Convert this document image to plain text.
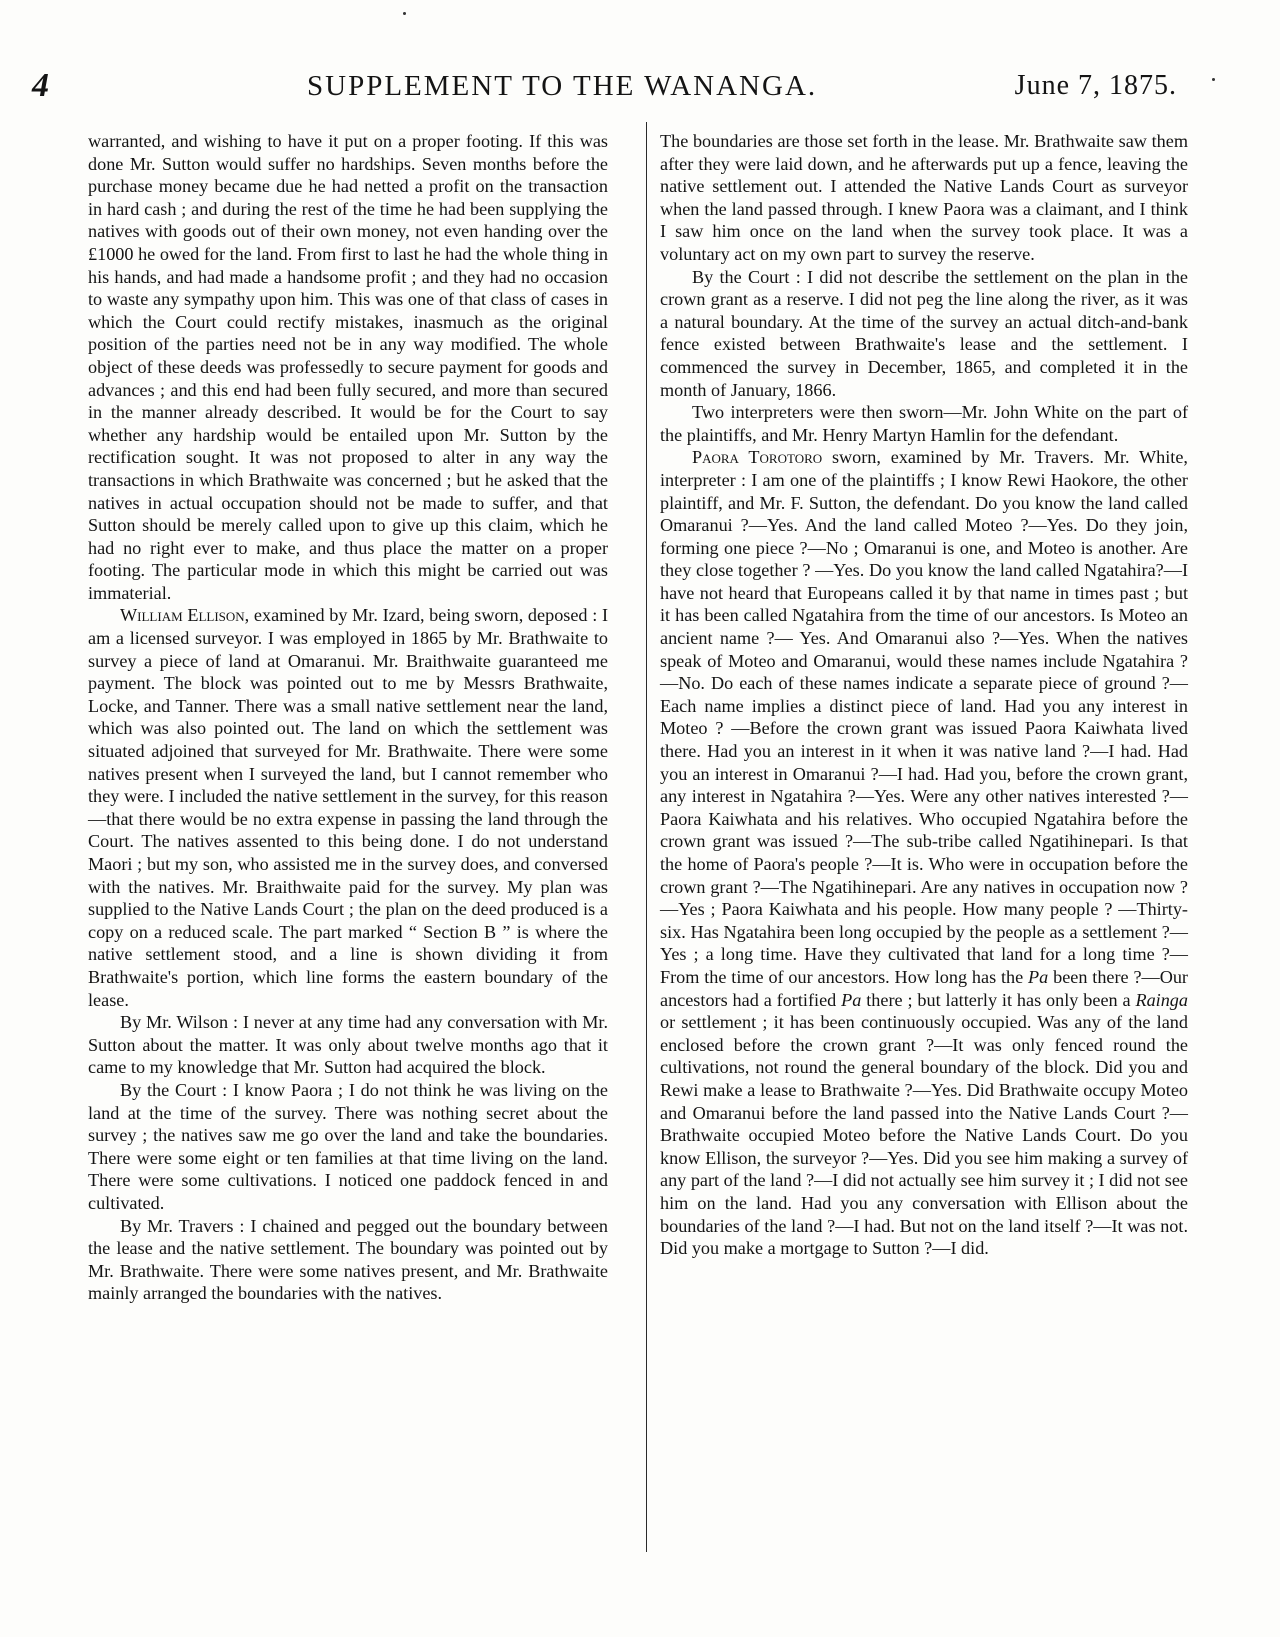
4	SUPPLEMENT TO THE WANANGA.	June 7, 1875.

warranted, and wishing to have it put on a proper footing. If this was done Mr. Sutton would suffer no hardships. Seven months before the purchase money became due he had netted a profit on the transaction in hard cash ; and during the rest of the time he had been supplying the natives with goods out of their own money, not even handing over the £1000 he owed for the land. From first to last he had the whole thing in his hands, and had made a handsome profit ; and they had no occasion to waste any sympathy upon him. This was one of that class of cases in which the Court could rectify mistakes, inasmuch as the original position of the parties need not be in any way modified. The whole object of these deeds was professedly to secure payment for goods and advances ; and this end had been fully secured, and more than secured in the manner already described. It would be for the Court to say whether any hardship would be entailed upon Mr. Sutton by the rectification sought. It was not proposed to alter in any way the transactions in which Brathwaite was concerned ; but he asked that the natives in actual occupation should not be made to suffer, and that Sutton should be merely called upon to give up this claim, which he had no right ever to make, and thus place the matter on a proper footing. The particular mode in which this might be carried out was immaterial.

William Ellison, examined by Mr. Izard, being sworn, deposed : I am a licensed surveyor. I was employed in 1865 by Mr. Brathwaite to survey a piece of land at Omaranui. Mr. Braithwaite guaranteed me payment. The block was pointed out to me by Messrs Brathwaite, Locke, and Tanner. There was a small native settlement near the land, which was also pointed out. The land on which the settlement was situated adjoined that surveyed for Mr. Brathwaite. There were some natives present when I surveyed the land, but I cannot remember who they were. I included the native settlement in the survey, for this reason—that there would be no extra expense in passing the land through the Court. The natives assented to this being done. I do not understand Maori ; but my son, who assisted me in the survey does, and conversed with the natives. Mr. Braithwaite paid for the survey. My plan was supplied to the Native Lands Court ; the plan on the deed produced is a copy on a reduced scale. The part marked “ Section B ” is where the native settlement stood, and a line is shown dividing it from Brathwaite's portion, which line forms the eastern boundary of the lease.

By Mr. Wilson : I never at any time had any conversation with Mr. Sutton about the matter. It was only about twelve months ago that it came to my knowledge that Mr. Sutton had acquired the block.

By the Court : I know Paora ; I do not think he was living on the land at the time of the survey. There was nothing secret about the survey ; the natives saw me go over the land and take the boundaries. There were some eight or ten families at that time living on the land. There were some cultivations. I noticed one paddock fenced in and cultivated.

By Mr. Travers : I chained and pegged out the boundary between the lease and the native settlement. The boundary was pointed out by Mr. Brathwaite. There were some natives present, and Mr. Brathwaite mainly arranged the boundaries with the natives.

The boundaries are those set forth in the lease. Mr. Brathwaite saw them after they were laid down, and he afterwards put up a fence, leaving the native settlement out. I attended the Native Lands Court as surveyor when the land passed through. I knew Paora was a claimant, and I think I saw him once on the land when the survey took place. It was a voluntary act on my own part to survey the reserve.

By the Court : I did not describe the settlement on the plan in the crown grant as a reserve. I did not peg the line along the river, as it was a natural boundary. At the time of the survey an actual ditch-and-bank fence existed between Brathwaite's lease and the settlement. I commenced the survey in December, 1865, and completed it in the month of January, 1866.

Two interpreters were then sworn—Mr. John White on the part of the plaintiffs, and Mr. Henry Martyn Hamlin for the defendant.

Paora Torotoro sworn, examined by Mr. Travers. Mr. White, interpreter : I am one of the plaintiffs ; I know Rewi Haokore, the other plaintiff, and Mr. F. Sutton, the defendant. Do you know the land called Omaranui ?—Yes. And the land called Moteo ?—Yes. Do they join, forming one piece ?—No ; Omaranui is one, and Moteo is another. Are they close together ? —Yes. Do you know the land called Ngatahira?—I have not heard that Europeans called it by that name in times past ; but it has been called Ngatahira from the time of our ancestors. Is Moteo an ancient name ?— Yes. And Omaranui also ?—Yes. When the natives speak of Moteo and Omaranui, would these names include Ngatahira ?—No. Do each of these names indicate a separate piece of ground ?—Each name implies a distinct piece of land. Had you any interest in Moteo ? —Before the crown grant was issued Paora Kaiwhata lived there. Had you an interest in it when it was native land ?—I had. Had you an interest in Omaranui ?—I had. Had you, before the crown grant, any interest in Ngatahira ?—Yes. Were any other natives interested ?—Paora Kaiwhata and his relatives. Who occupied Ngatahira before the crown grant was issued ?—The sub-tribe called Ngatihinepari. Is that the home of Paora's people ?—It is. Who were in occupation before the crown grant ?—The Ngatihinepari. Are any natives in occupation now ?—Yes ; Paora Kaiwhata and his people. How many people ? —Thirty-six. Has Ngatahira been long occupied by the people as a settlement ?—Yes ; a long time. Have they cultivated that land for a long time ?—From the time of our ancestors. How long has the Pa been there ?—Our ancestors had a fortified Pa there ; but latterly it has only been a Rainga or settlement ; it has been continuously occupied. Was any of the land enclosed before the crown grant ?—It was only fenced round the cultivations, not round the general boundary of the block. Did you and Rewi make a lease to Brathwaite ?—Yes. Did Brathwaite occupy Moteo and Omaranui before the land passed into the Native Lands Court ?—Brathwaite occupied Moteo before the Native Lands Court. Do you know Ellison, the surveyor ?—Yes. Did you see him making a survey of any part of the land ?—I did not actually see him survey it ; I did not see him on the land. Had you any conversation with Ellison about the boundaries of the land ?—I had. But not on the land itself ?—It was not. Did you make a mortgage to Sutton ?—I did.
